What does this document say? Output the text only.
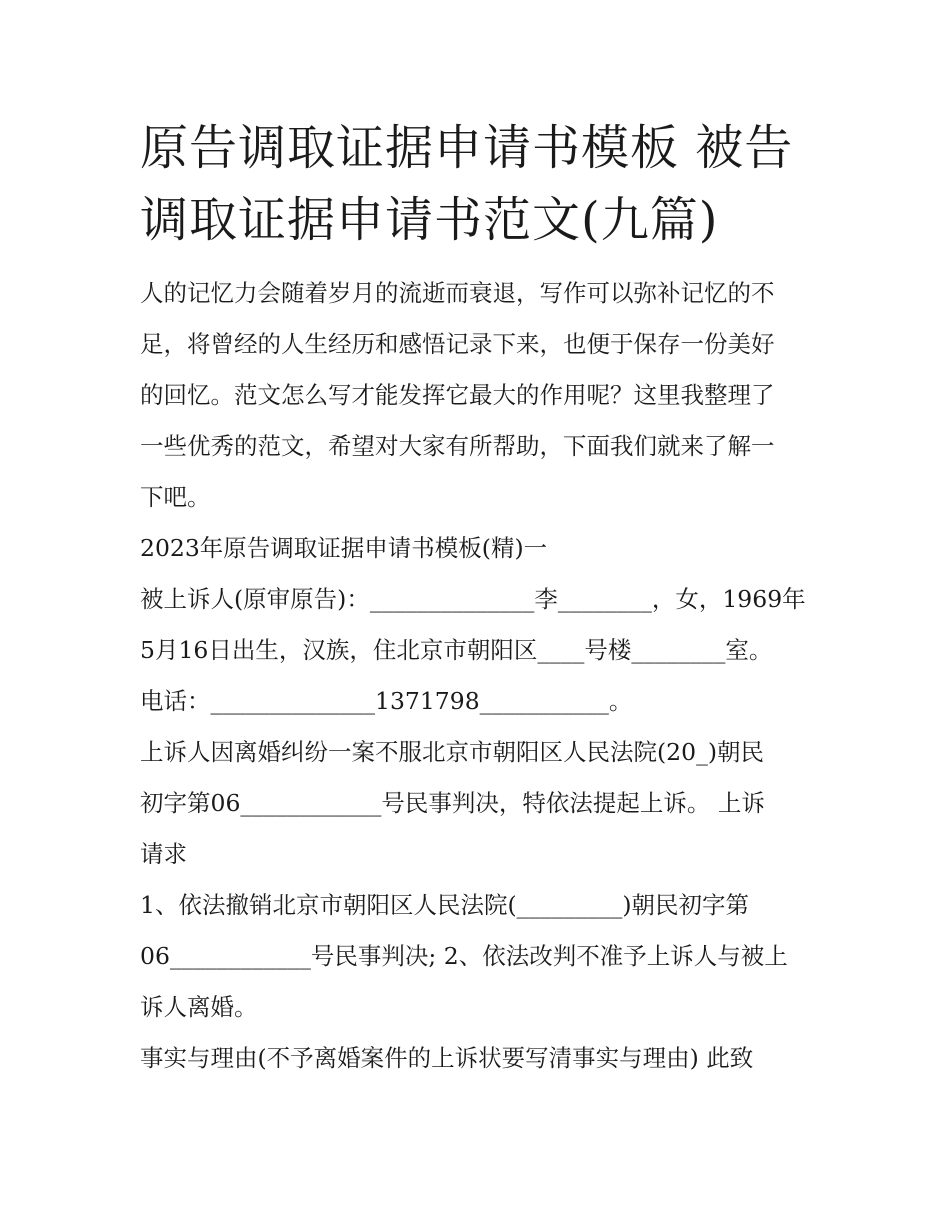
原告调取证据申请书模板 被告
调取证据申请书范文(九篇)

人的记忆力会随着岁月的流逝而衰退，写作可以弥补记忆的不

足，将曾经的人生经历和感悟记录下来，也便于保存一份美好

的回忆。范文怎么写才能发挥它最大的作用呢？这里我整理了

一些优秀的范文，希望对大家有所帮助，下面我们就来了解一

下吧。

2023年原告调取证据申请书模板(精)一

被上诉人(原审原告)：______________李________，女，1969年

5月16日出生，汉族，住北京市朝阳区____号楼________室。

电话：______________1371798___________。

上诉人因离婚纠纷一案不服北京市朝阳区人民法院(20_)朝民

初字第06____________号民事判决，特依法提起上诉。 上诉

请求

1、依法撤销北京市朝阳区人民法院(_________)朝民初字第

06____________号民事判决; 2、依法改判不准予上诉人与被上

诉人离婚。

事实与理由(不予离婚案件的上诉状要写清事实与理由) 此致
